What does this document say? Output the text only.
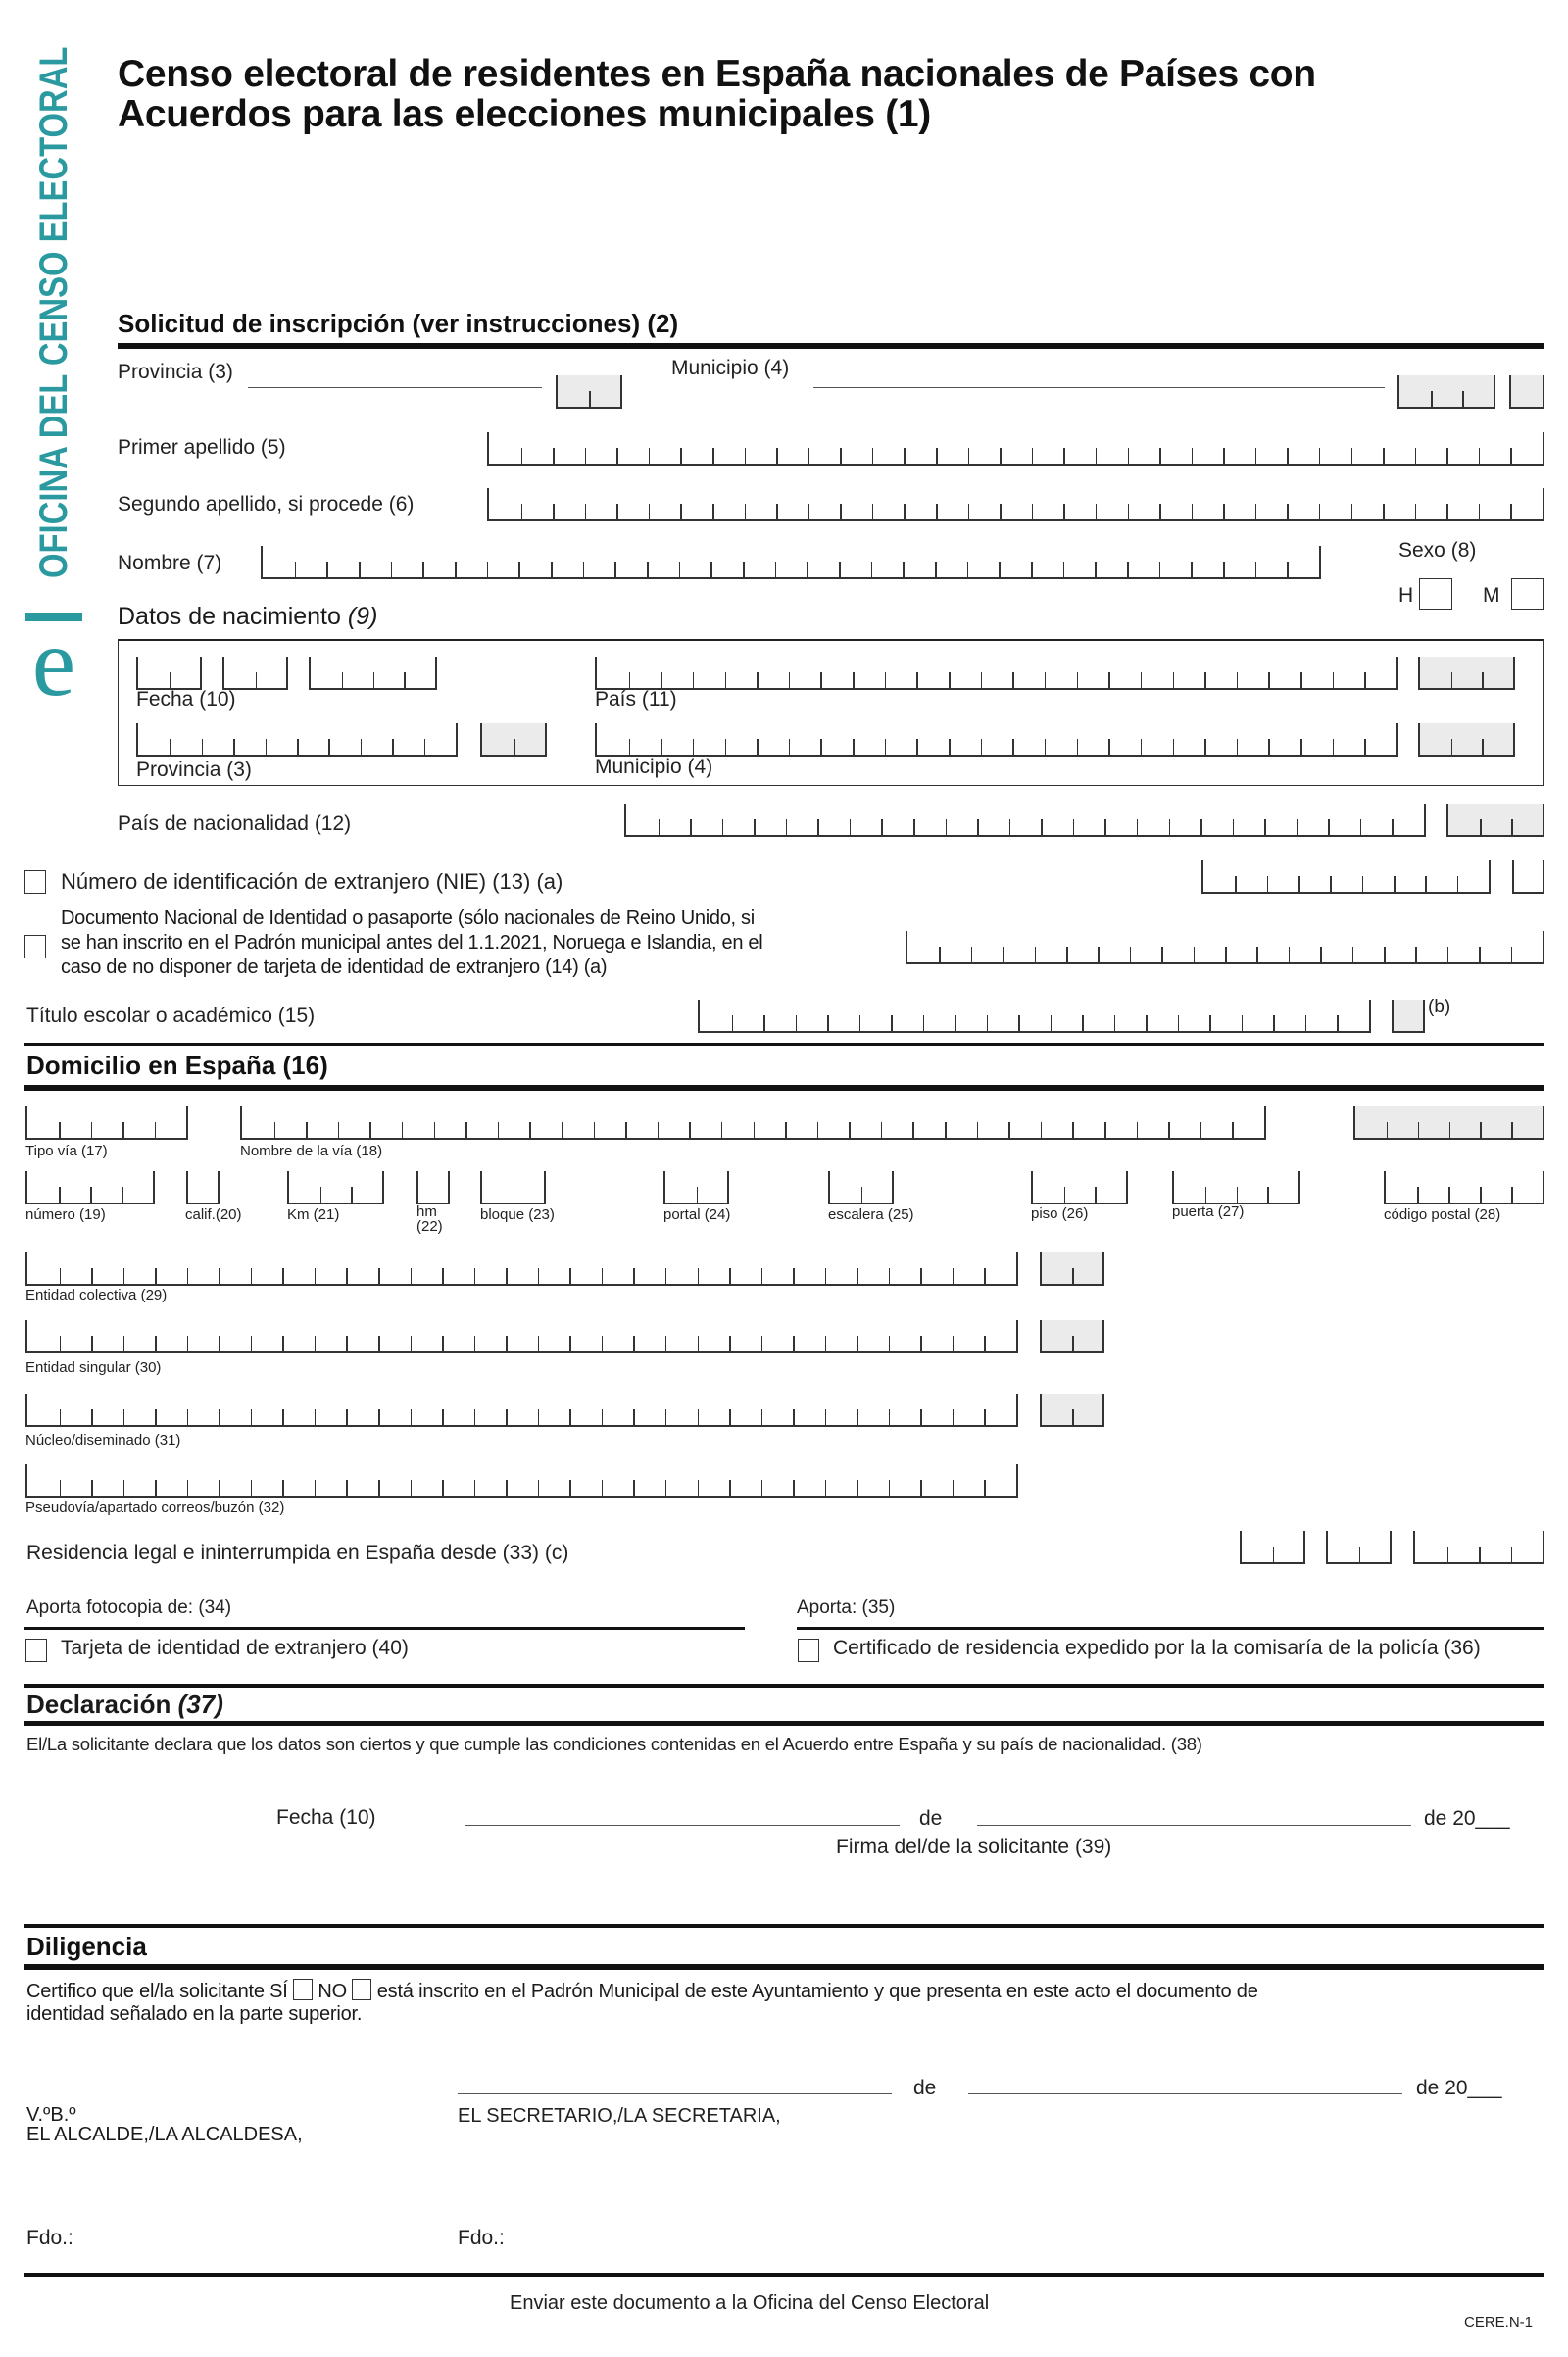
OFICINA DEL CENSO ELECTORAL
e
Censo electoral de residentes en España nacionales de Países con
Acuerdos para las elecciones municipales (1)
Solicitud de inscripción (ver instrucciones) (2)
Provincia (3)	Municipio (4)
Primer apellido (5)
Segundo apellido, si procede (6)
Nombre (7)
Sexo (8)
H	M
Datos de nacimiento (9)
Fecha (10)	País (11)
Provincia (3)	Municipio (4)
País de nacionalidad (12)
Número de identificación de extranjero (NIE) (13) (a)
Documento Nacional de Identidad o pasaporte (sólo nacionales de Reino Unido, si
se han inscrito en el Padrón municipal antes del 1.1.2021, Noruega e Islandia, en el
caso de no disponer de tarjeta de identidad de extranjero (14) (a)
Título escolar o académico (15)	(b)
Domicilio en España (16)
Tipo vía (17)	Nombre de la vía (18)
número (19)	calif.(20)	Km (21)	hm
(22)
bloque (23)	portal (24)	escalera (25)	piso (26)	puerta (27)	código postal (28)
Entidad colectiva (29)
Entidad singular (30)
Núcleo/diseminado (31)
Pseudovía/apartado correos/buzón (32)
Residencia legal e ininterrumpida en España desde (33) (c)
Aporta fotocopia de: (34)
Tarjeta de identidad de extranjero (40)
Aporta: (35)
Certificado de residencia expedido por la la comisaría de la policía (36)
Declaración (37)
El/La solicitante declara que los datos son ciertos y que cumple las condiciones contenidas en el Acuerdo entre España y su país de nacionalidad. (38)
Fecha (10)	de	de 20___
Firma del/de la solicitante (39)
Diligencia
Certifico que el/la solicitante SÍ NO está inscrito en el Padrón Municipal de este Ayuntamiento y que presenta en este acto el documento de
identidad señalado en la parte superior.
de	de 20___
V.ºB.º
EL ALCALDE,/LA ALCALDESA,
EL SECRETARIO,/LA SECRETARIA,
Fdo.:	Fdo.:
Enviar este documento a la Oficina del Censo Electoral
CERE.N-1
